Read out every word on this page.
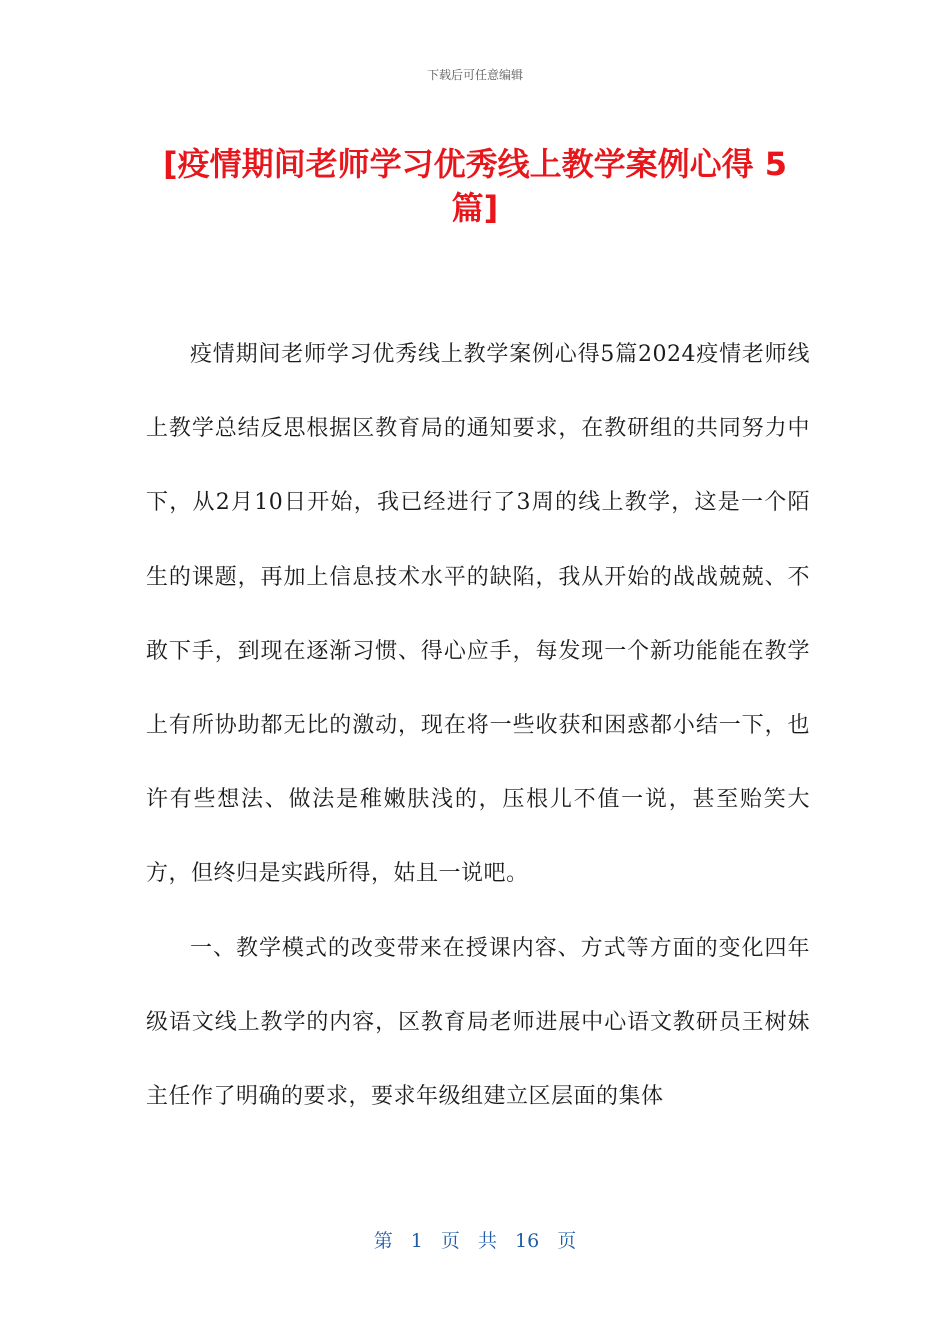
下载后可任意编辑
[疫情期间老师学习优秀线上教学案例心得 5 篇]

疫情期间老师学习优秀线上教学案例心得5篇2024疫情老师线上教学总结反思根据区教育局的通知要求，在教研组的共同努力中下，从2月10日开始，我已经进行了3周的线上教学，这是一个陌生的课题，再加上信息技术水平的缺陷，我从开始的战战兢兢、不敢下手，到现在逐渐习惯、得心应手，每发现一个新功能能在教学上有所协助都无比的激动，现在将一些收获和困惑都小结一下，也许有些想法、做法是稚嫩肤浅的，压根儿不值一说，甚至贻笑大方，但终归是实践所得，姑且一说吧。

一、教学模式的改变带来在授课内容、方式等方面的变化四年级语文线上教学的内容，区教育局老师进展中心语文教研员王树妹主任作了明确的要求，要求年级组建立区层面的集体

第 1 页 共 16 页
